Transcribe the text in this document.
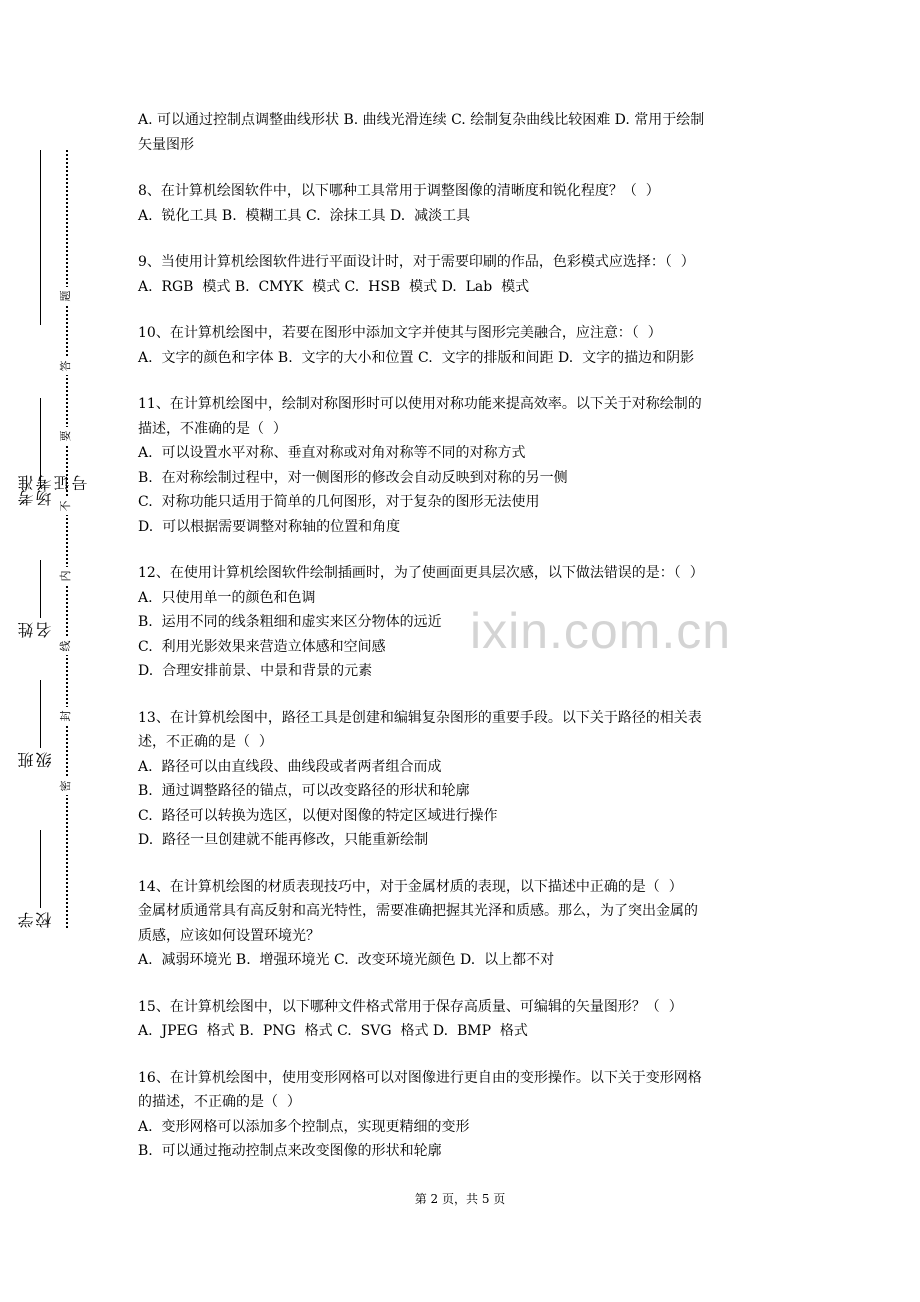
准考证号
考场
姓名
班级
学校
题
答
要
不
内
线
封
密
ixin.com.cn
A. 可以通过控制点调整曲线形状 B. 曲线光滑连续 C. 绘制复杂曲线比较困难 D. 常用于绘制
矢量图形
8、在计算机绘图软件中，以下哪种工具常用于调整图像的清晰度和锐化程度？（  ）
A.  锐化工具 B.  模糊工具 C.  涂抹工具 D.  减淡工具
9、当使用计算机绘图软件进行平面设计时，对于需要印刷的作品，色彩模式应选择：（  ）
A.  RGB  模式 B.  CMYK  模式 C.  HSB  模式 D.  Lab  模式
10、在计算机绘图中，若要在图形中添加文字并使其与图形完美融合，应注意：（  ）
A.  文字的颜色和字体 B.  文字的大小和位置 C.  文字的排版和间距 D.  文字的描边和阴影
11、在计算机绘图中，绘制对称图形时可以使用对称功能来提高效率。以下关于对称绘制的
描述，不准确的是（  ）
A.  可以设置水平对称、垂直对称或对角对称等不同的对称方式
B.  在对称绘制过程中，对一侧图形的修改会自动反映到对称的另一侧
C.  对称功能只适用于简单的几何图形，对于复杂的图形无法使用
D.  可以根据需要调整对称轴的位置和角度
12、在使用计算机绘图软件绘制插画时，为了使画面更具层次感，以下做法错误的是：（  ）
A.  只使用单一的颜色和色调
B.  运用不同的线条粗细和虚实来区分物体的远近
C.  利用光影效果来营造立体感和空间感
D.  合理安排前景、中景和背景的元素
13、在计算机绘图中，路径工具是创建和编辑复杂图形的重要手段。以下关于路径的相关表
述，不正确的是（  ）
A.  路径可以由直线段、曲线段或者两者组合而成
B.  通过调整路径的锚点，可以改变路径的形状和轮廓
C.  路径可以转换为选区，以便对图像的特定区域进行操作
D.  路径一旦创建就不能再修改，只能重新绘制
14、在计算机绘图的材质表现技巧中，对于金属材质的表现，以下描述中正确的是（  ）
金属材质通常具有高反射和高光特性，需要准确把握其光泽和质感。那么，为了突出金属的
质感，应该如何设置环境光？
A.  减弱环境光 B.  增强环境光 C.  改变环境光颜色 D.  以上都不对
15、在计算机绘图中，以下哪种文件格式常用于保存高质量、可编辑的矢量图形？（  ）
A.  JPEG  格式 B.  PNG  格式 C.  SVG  格式 D.  BMP  格式
16、在计算机绘图中，使用变形网格可以对图像进行更自由的变形操作。以下关于变形网格
的描述，不正确的是（  ）
A.  变形网格可以添加多个控制点，实现更精细的变形
B.  可以通过拖动控制点来改变图像的形状和轮廓
第 2 页，共 5 页
